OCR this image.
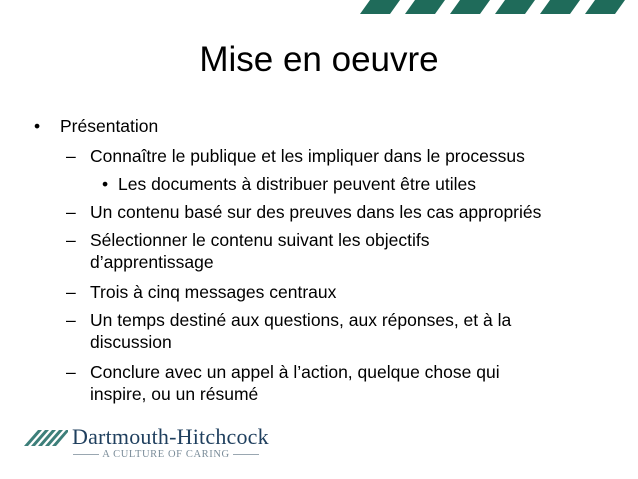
Mise en oeuvre
• Présentation
– Connaître le publique et les impliquer dans le processus
• Les documents à distribuer peuvent être utiles
– Un contenu basé sur des preuves dans les cas appropriés
– Sélectionner le contenu suivant les objectifs
d’apprentissage
– Trois à cinq messages centraux
– Un temps destiné aux questions, aux réponses, et à la
discussion
– Conclure avec un appel à l’action, quelque chose qui
inspire, ou un résumé
Dartmouth-Hitchcock
A CULTURE OF CARING
